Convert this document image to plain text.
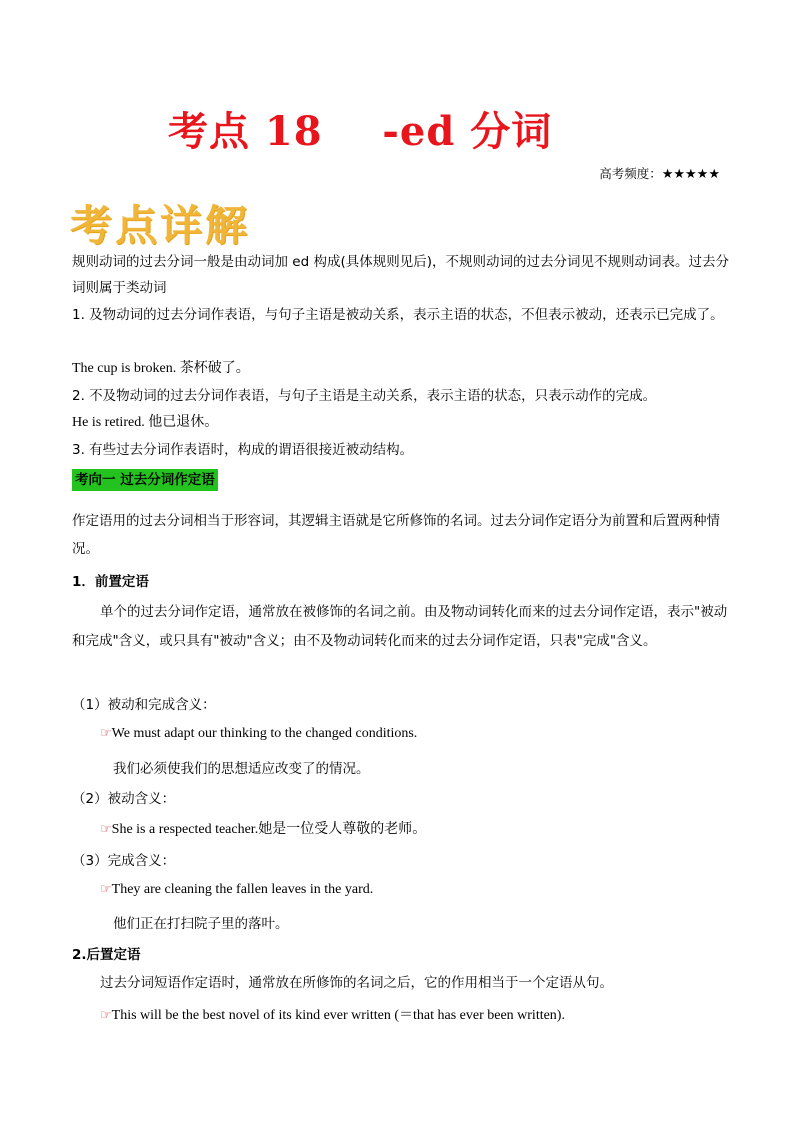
考点 18    -ed 分词
高考频度：★★★★★
考点详解
规则动词的过去分词一般是由动词加 ed 构成(具体规则见后)，不规则动词的过去分词见不规则动词表。过去分词则属于类动词
1. 及物动词的过去分词作表语，与句子主语是被动关系，表示主语的状态，不但表示被动，还表示已完成了。
The cup is broken. 茶杯破了。
2. 不及物动词的过去分词作表语，与句子主语是主动关系，表示主语的状态，只表示动作的完成。
He is retired. 他已退休。
3. 有些过去分词作表语时，构成的谓语很接近被动结构。
考向一 过去分词作定语
作定语用的过去分词相当于形容词，其逻辑主语就是它所修饰的名词。过去分词作定语分为前置和后置两种情况。
1．前置定语
单个的过去分词作定语，通常放在被修饰的名词之前。由及物动词转化而来的过去分词作定语，表示"被动和完成"含义，或只具有"被动"含义；由不及物动词转化而来的过去分词作定语，只表"完成"含义。
（1）被动和完成含义：
☞We must adapt our thinking to the changed conditions.
我们必须使我们的思想适应改变了的情况。
（2）被动含义：
☞She is a respected teacher.她是一位受人尊敬的老师。
（3）完成含义：
☞They are cleaning the fallen leaves in the yard.
他们正在打扫院子里的落叶。
2.后置定语
过去分词短语作定语时，通常放在所修饰的名词之后，它的作用相当于一个定语从句。
☞This will be the best novel of its kind ever written (＝that has ever been written).
